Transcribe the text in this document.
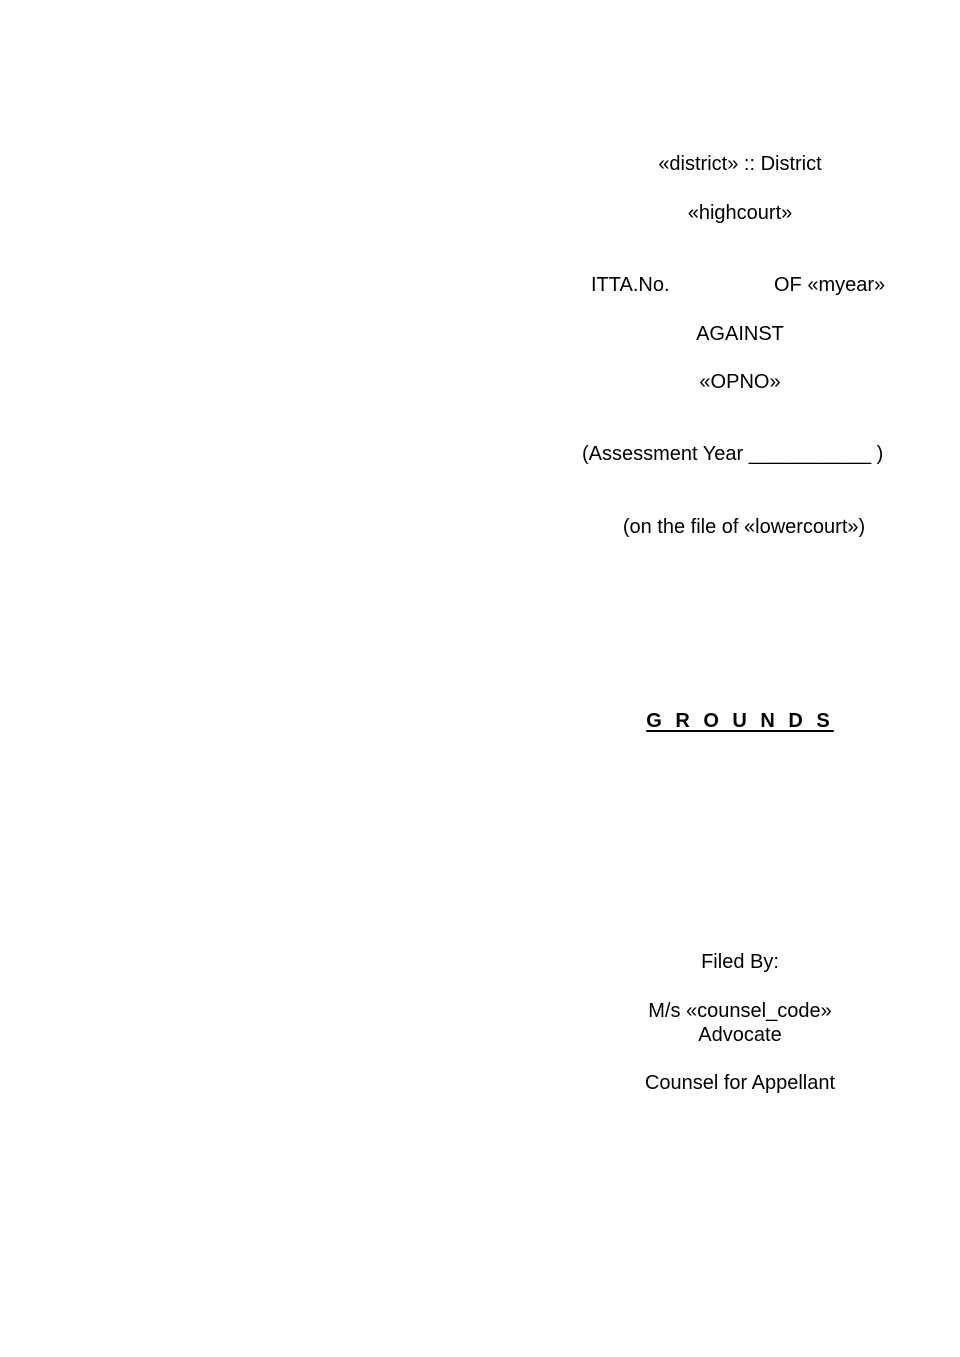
«district» :: District
«highcourt»
ITTA.No.	OF «myear»
AGAINST
«OPNO»
(Assessment Year ___________ )
(on the file of «lowercourt»)
G R O U N D S
Filed By:
M/s «counsel_code»
Advocate
Counsel for Appellant
